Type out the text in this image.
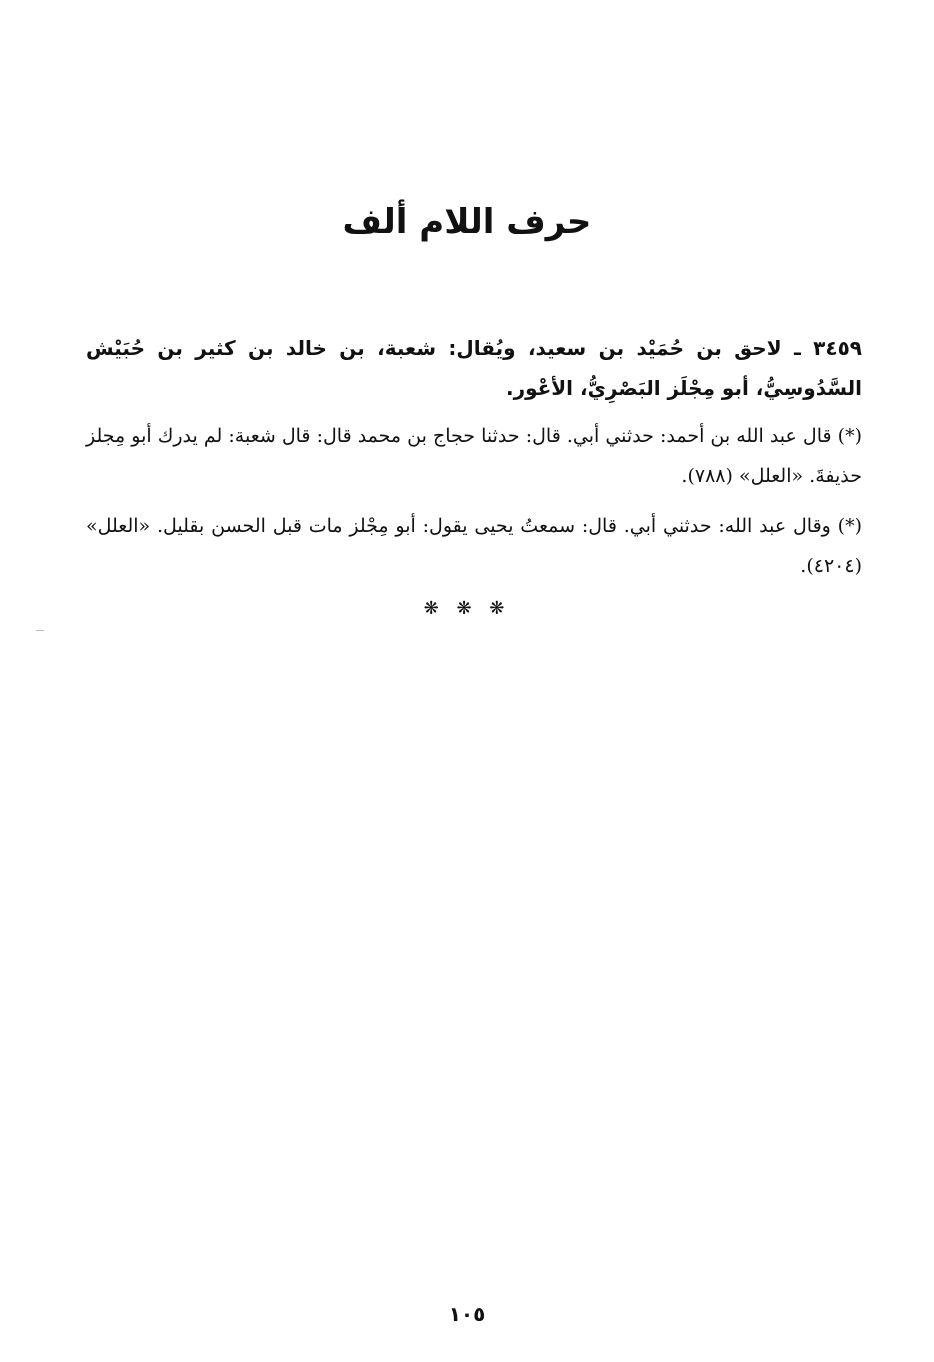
حرف اللام ألف

٣٤٥٩ ـ لاحق بن حُمَيْد بن سعيد، ويُقال: شعبة، بن خالد بن كثير بن حُبَيْش السَّدُوسِيُّ، أبو مِجْلَز البَصْرِيُّ، الأعْور.

(*) قال عبد الله بن أحمد: حدثني أبي. قال: حدثنا حجاج بن محمد قال: قال شعبة: لم يدرك أبو مِجلز حذيفةَ. «العلل» (٧٨٨).

(*) وقال عبد الله: حدثني أبي. قال: سمعتُ يحيى يقول: أبو مِجْلز مات قبل الحسن بقليل. «العلل» (٤٢٠٤).

❋ ❋ ❋
١٠٥
